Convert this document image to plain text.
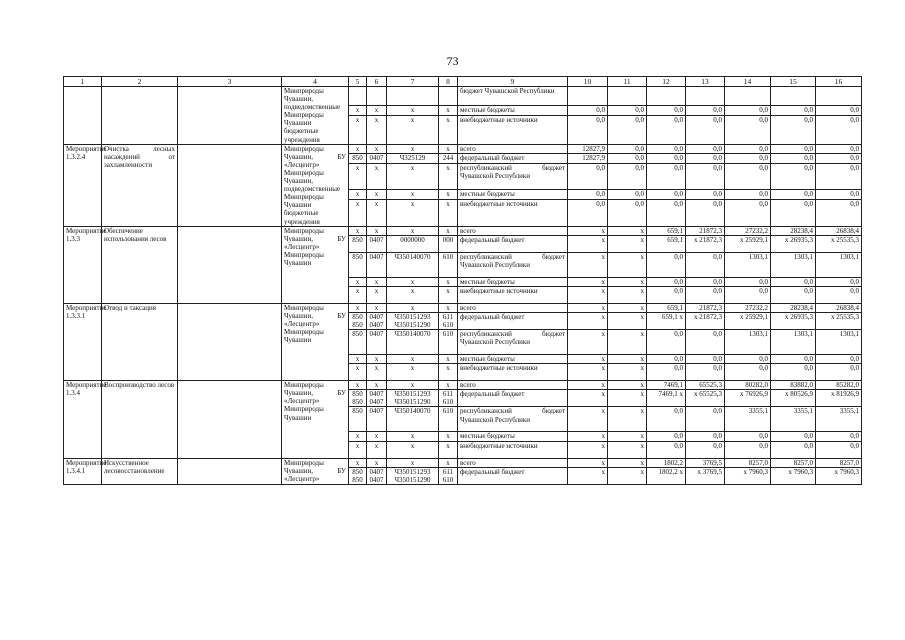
73
1	2	3	4	5	6	7	8	9	10	11	12	13	14	15	16
			Минприроды Чувашии, подведомственные Минприроды Чувашии бюджетные учреждения					бюджет Чувашской Республики							
				x	x	x	x	местные бюджеты	0,0	0,0	0,0	0,0	0,0	0,0	0,0
				x	x	x	x	внебюджетные источники	0,0	0,0	0,0	0,0	0,0	0,0	0,0
Мероприятие 1.3.2.4	Очистка лесных насаждений от захламленности		Минприроды Чувашии, БУ «Лесцентр» Минприроды Чувашии, подведомственные Минприроды Чувашии бюджетные учреждения	x	x	x	x	всего	12827,9	0,0	0,0	0,0	0,0	0,0	0,0
				850	0407	Ч325129	244	федеральный бюджет	12827,9	0,0	0,0	0,0	0,0	0,0	0,0
				x	x	x	x	республиканский бюджет Чувашской Республики	0,0	0,0	0,0	0,0	0,0	0,0	0,0
				x	x	x	x	местные бюджеты	0,0	0,0	0,0	0,0	0,0	0,0	0,0
				x	x	x	x	внебюджетные источники	0,0	0,0	0,0	0,0	0,0	0,0	0,0
Мероприятие 1.3.3	Обеспечение использования лесов		Минприроды Чувашии, БУ «Лесцентр» Минприроды Чувашии	x	x	x	x	всего	x	x	659,1	21872,3	27232,2	28238,4	26838,4
				850	0407	0000000	000	федеральный бюджет	x	x	659,1	x 21872,3	x 25929,1	x 26935,3	x 25535,3
				850	0407	Ч350140070	610	республиканский бюджет Чувашской Республики	x	x	0,0	0,0	1303,1	1303,1	1303,1
				x	x	x	x	местные бюджеты	x	x	0,0	0,0	0,0	0,0	0,0
				x	x	x	x	внебюджетные источники	x	x	0,0	0,0	0,0	0,0	0,0
Мероприятие 1.3.3.1	Отвод и таксация		Минприроды Чувашии, БУ «Лесцентр» Минприроды Чувашии	x	x	x	x	всего	x	x	659,1	21872,3	27232,2	28238,4	26838,4
				850 850	0407 0407	Ч350151293 Ч350151290	611 610	федеральный бюджет	x	x	659,1 x	x 21872,3	x 25929,1	x 26935,3	x 25535,3
				850	0407	Ч350140070	610	республиканский бюджет Чувашской Республики	x	x	0,0	0,0	1303,1	1303,1	1303,1
				x	x	x	x	местные бюджеты	x	x	0,0	0,0	0,0	0,0	0,0
				x	x	x	x	внебюджетные источники	x	x	0,0	0,0	0,0	0,0	0,0
Мероприятие 1.3.4	Воспроизводство лесов		Минприроды Чувашии, БУ «Лесцентр» Минприроды Чувашии	x	x	x	x	всего	x	x	7469,1	65525,3	80282,0	83882,0	85282,0
				850 850	0407 0407	Ч350151293 Ч350151290	611 610	федеральный бюджет	x	x	7469,1 x	x 65525,3	x 76926,9	x 80526,9	x 81926,9
				850	0407	Ч350140070	610	республиканский бюджет Чувашской Республики	x	x	0,0	0,0	3355,1	3355,1	3355,1
				x	x	x	x	местные бюджеты	x	x	0,0	0,0	0,0	0,0	0,0
				x	x	x	x	внебюджетные источники	x	x	0,0	0,0	0,0	0,0	0,0
Мероприятие 1.3.4.1	Искусственное лесовосстановление		Минприроды Чувашии, БУ «Лесцентр»	x	x	x	x	всего	x	x	1802,2	3769,5	8257,0	8257,0	8257,0
				850 850	0407 0407	Ч350151293 Ч350151290	611 610	федеральный бюджет	x	x	1802,2 x	x 3769,5	x 7960,3	x 7960,3	x 7960,3
